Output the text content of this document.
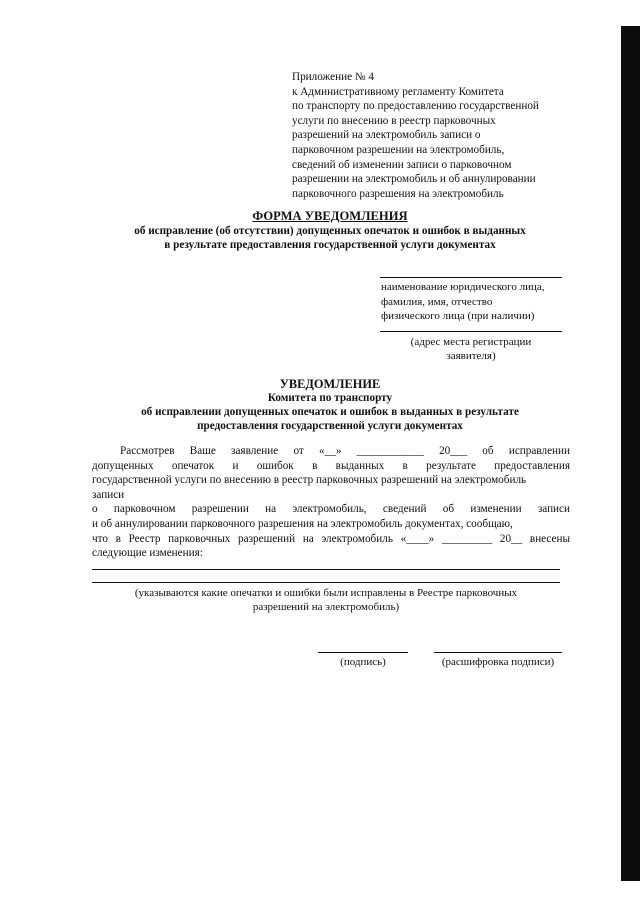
Приложение № 4
к Административному регламенту Комитета
по транспорту по предоставлению государственной
услуги по внесению в реестр парковочных
разрешений на электромобиль записи о
парковочном разрешении на электромобиль,
сведений об изменении записи о парковочном
разрешении на электромобиль и об аннулировании
парковочного разрешения на электромобиль
ФОРМА УВЕДОМЛЕНИЯ
об исправление (об отсутствии) допущенных опечаток и ошибок в выданных
в результате предоставления государственной услуги документах
наименование юридического лица,
фамилия, имя, отчество
физического лица (при наличии)
(адрес места регистрации
заявителя)
УВЕДОМЛЕНИЕ
Комитета по транспорту
об исправлении допущенных опечаток и ошибок в выданных в результате
предоставления государственной услуги документах
Рассмотрев Ваше заявление от «__» ____________ 20___ об исправлении
допущенных опечаток и ошибок в выданных в результате предоставления
государственной услуги по внесению в реестр парковочных разрешений на электромобиль
записи
о парковочном разрешении на электромобиль, сведений об изменении записи
и об аннулировании парковочного разрешения на электромобиль документах, сообщаю,
что в Реестр парковочных разрешений на электромобиль «____» _________ 20__ внесены
следующие изменения:
(указываются какие опечатки и ошибки были исправлены в Реестре парковочных
разрешений на электромобиль)
(подпись)	(расшифровка подписи)
